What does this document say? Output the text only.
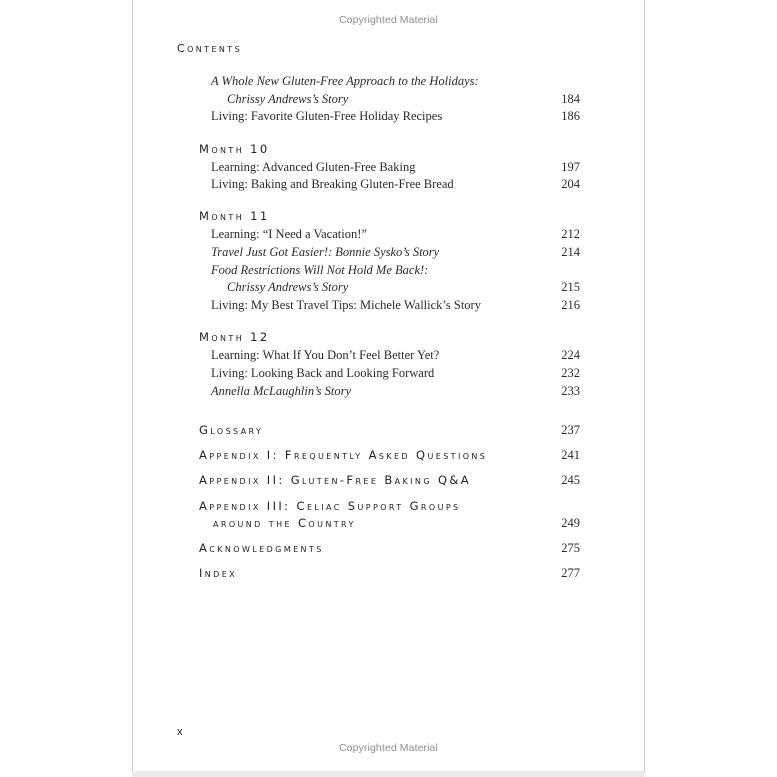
Copyrighted Material
Contents
A Whole New Gluten-Free Approach to the Holidays:
Chrissy Andrews’s Story	184
Living: Favorite Gluten-Free Holiday Recipes	186
Month 10
Learning: Advanced Gluten-Free Baking	197
Living: Baking and Breaking Gluten-Free Bread	204
Month 11
Learning: “I Need a Vacation!”	212
Travel Just Got Easier!: Bonnie Sysko’s Story	214
Food Restrictions Will Not Hold Me Back!:
Chrissy Andrews’s Story	215
Living: My Best Travel Tips: Michele Wallick’s Story	216
Month 12
Learning: What If You Don’t Feel Better Yet?	224
Living: Looking Back and Looking Forward	232
Annella McLaughlin’s Story	233
Glossary	237
Appendix I: Frequently Asked Questions	241
Appendix II: Gluten-Free Baking Q&A	245
Appendix III: Celiac Support Groups
around the Country	249
Acknowledgments	275
Index	277
x
Copyrighted Material
